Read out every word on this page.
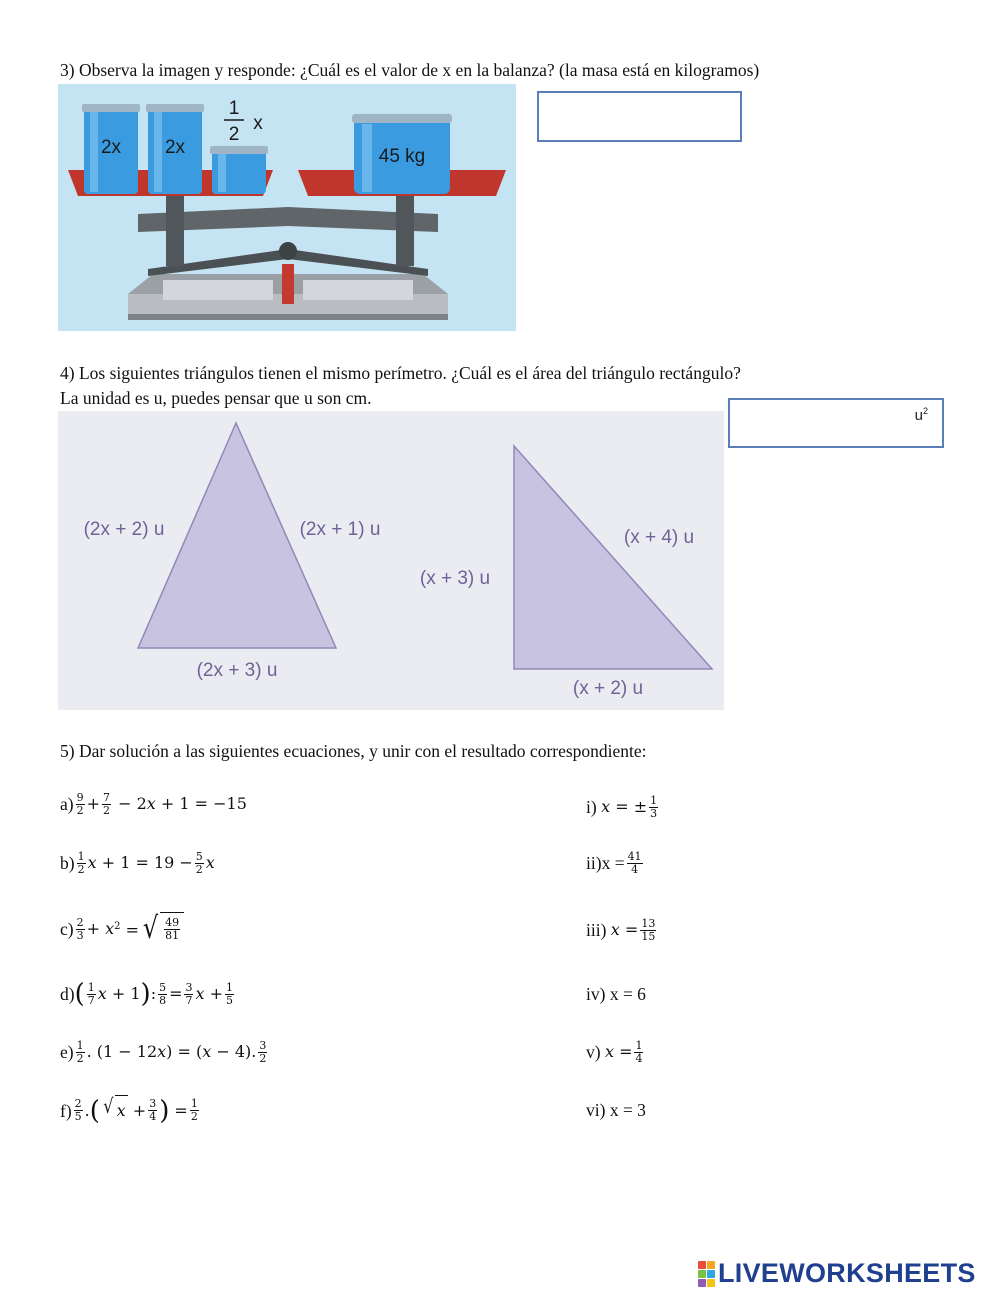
3) Observa la imagen y responde: ¿Cuál es el valor de x en la balanza? (la masa está en kilogramos)

2x 2x	45 kg
1
2
x

4) Los siguientes triángulos tienen el mismo perímetro. ¿Cuál es el área del triángulo rectángulo?

La unidad es u, puedes pensar que u son cm.

$u^2$
(2x + 2) u	(2x + 1) u
(2x + 3) u
(x + 3) u
(x + 4) u
(x + 2) u

5) Dar solución a las siguientes ecuaciones, y unir con el resultado correspondiente:

$a) \frac{9}{2} + \frac{7}{2} - 2$ x + 1 = −15
$b) \frac{1}{2}$ $x + 1 = 19 - \frac{5}{2}$ x
$c) \frac{2}{3} + x$ $^2$ = √ $\frac{49}{81}$
d) ( $\frac{1}{7}$ x + 1 ) : $\frac{5}{8} = \frac{3}{7}$ $x + \frac{1}{5}$
$e) \frac{1}{2}$ . (1 − 12 x ) = ( x − 4). $\frac{3}{2}$
$f) \frac{2}{5}$ . ( √ $x + \frac{3}{4}$ ) = $\frac{1}{2}$
i)
x = ± $\frac{1}{3}$
ii) $x = \frac{41}{4}$
iii)
$x = \frac{13}{15}$
iv) x = 6
v)
$x = \frac{1}{4}$
vi) x = 3
LIVEWORKSHEETS
